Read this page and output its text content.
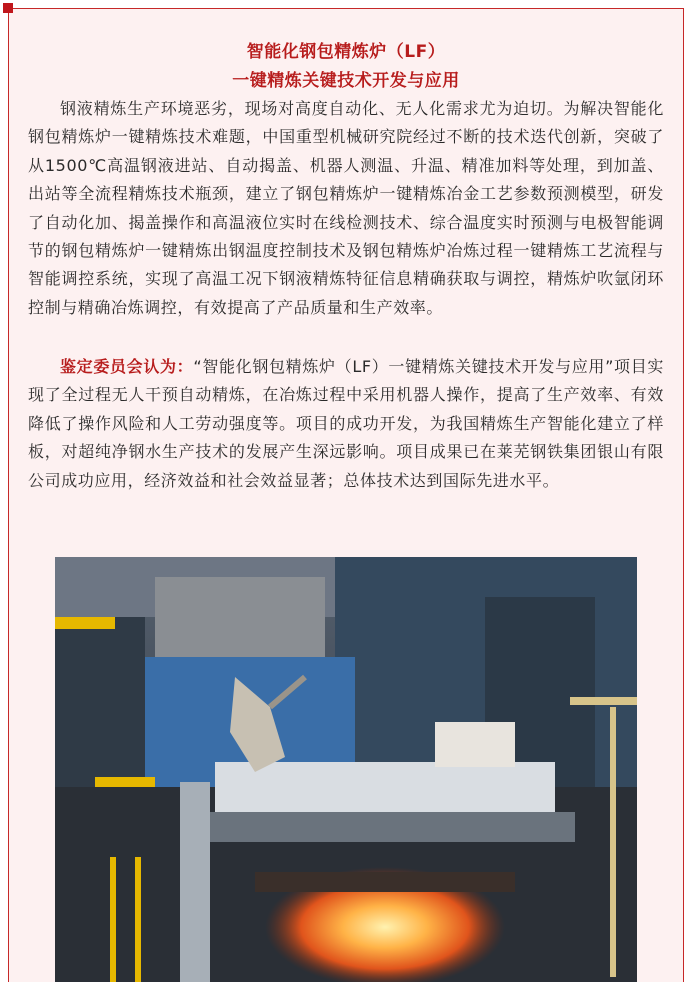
智能化钢包精炼炉（LF）
一键精炼关键技术开发与应用

钢液精炼生产环境恶劣，现场对高度自动化、无人化需求尤为迫切。为解决智能化钢包精炼炉一键精炼技术难题，中国重型机械研究院经过不断的技术迭代创新，突破了从1500℃高温钢液进站、自动揭盖、机器人测温、升温、精准加料等处理，到加盖、出站等全流程精炼技术瓶颈，建立了钢包精炼炉一键精炼冶金工艺参数预测模型，研发了自动化加、揭盖操作和高温液位实时在线检测技术、综合温度实时预测与电极智能调节的钢包精炼炉一键精炼出钢温度控制技术及钢包精炼炉冶炼过程一键精炼工艺流程与智能调控系统，实现了高温工况下钢液精炼特征信息精确获取与调控，精炼炉吹氩闭环控制与精确冶炼调控，有效提高了产品质量和生产效率。

鉴定委员会认为：“智能化钢包精炼炉（LF）一键精炼关键技术开发与应用”项目实现了全过程无人干预自动精炼，在冶炼过程中采用机器人操作，提高了生产效率、有效降低了操作风险和人工劳动强度等。项目的成功开发，为我国精炼生产智能化建立了样板，对超纯净钢水生产技术的发展产生深远影响。项目成果已在莱芜钢铁集团银山有限公司成功应用，经济效益和社会效益显著；总体技术达到国际先进水平。
